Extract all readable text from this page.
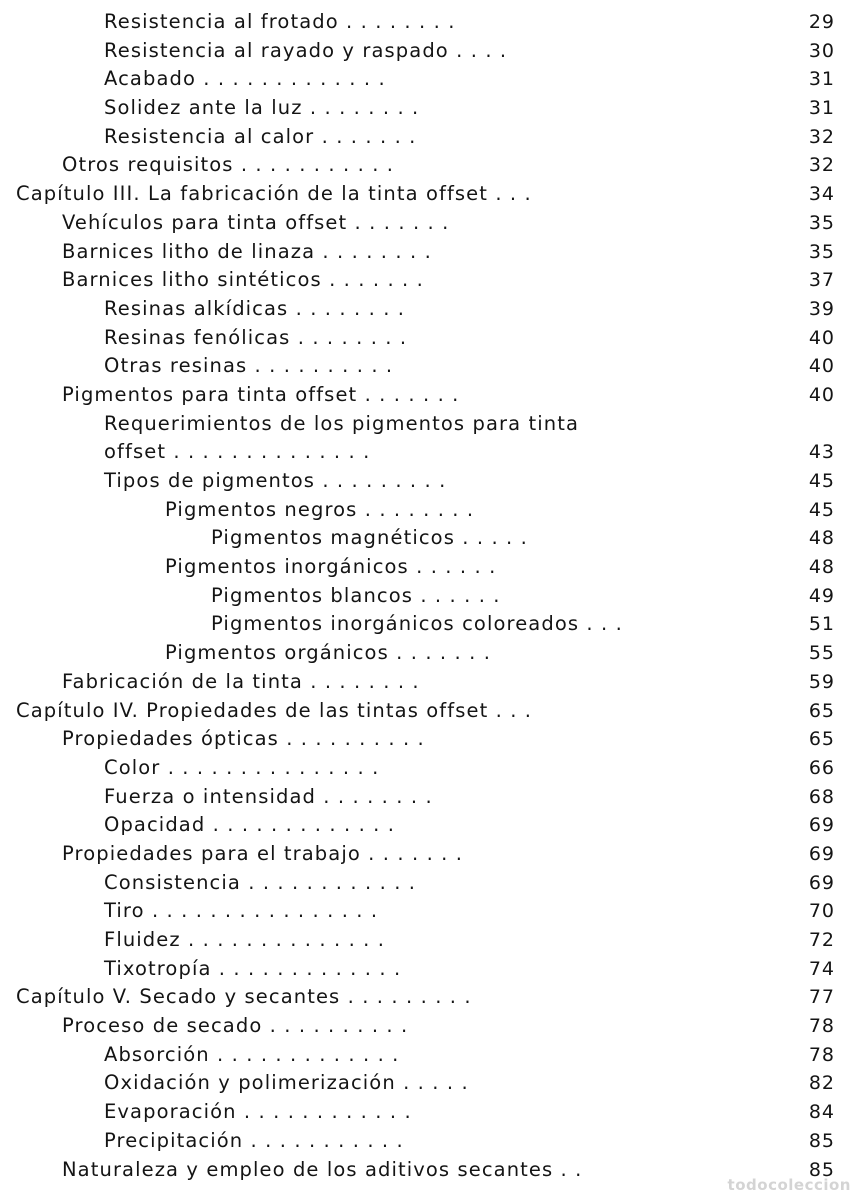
Resistencia al frotado . . . . . . . .	29
Resistencia al rayado y raspado . . . .	30
Acabado . . . . . . . . . . . . .	31
Solidez ante la luz . . . . . . . .	31
Resistencia al calor . . . . . . .	32
Otros requisitos . . . . . . . . . . .	32
Capítulo III. La fabricación de la tinta offset . . .	34
Vehículos para tinta offset . . . . . . .	35
Barnices litho de linaza . . . . . . . .	35
Barnices litho sintéticos . . . . . . .	37
Resinas alkídicas . . . . . . . .	39
Resinas fenólicas . . . . . . . .	40
Otras resinas . . . . . . . . . .	40
Pigmentos para tinta offset . . . . . . .	40
Requerimientos de los pigmentos para tinta
offset . . . . . . . . . . . . . .	43
Tipos de pigmentos . . . . . . . . .	45
Pigmentos negros . . . . . . . .	45
Pigmentos magnéticos . . . . .	48
Pigmentos inorgánicos . . . . . .	48
Pigmentos blancos . . . . . .	49
Pigmentos inorgánicos coloreados . . .	51
Pigmentos orgánicos . . . . . . .	55
Fabricación de la tinta . . . . . . . .	59
Capítulo IV. Propiedades de las tintas offset . . .	65
Propiedades ópticas . . . . . . . . . .	65
Color . . . . . . . . . . . . . . .	66
Fuerza o intensidad . . . . . . . .	68
Opacidad . . . . . . . . . . . . .	69
Propiedades para el trabajo . . . . . . .	69
Consistencia . . . . . . . . . . . .	69
Tiro . . . . . . . . . . . . . . . .	70
Fluidez . . . . . . . . . . . . . .	72
Tixotropía . . . . . . . . . . . . .	74
Capítulo V. Secado y secantes . . . . . . . . .	77
Proceso de secado . . . . . . . . . .	78
Absorción . . . . . . . . . . . . .	78
Oxidación y polimerización . . . . .	82
Evaporación . . . . . . . . . . . .	84
Precipitación . . . . . . . . . . .	85
Naturaleza y empleo de los aditivos secantes . .	85
todocoleccion
